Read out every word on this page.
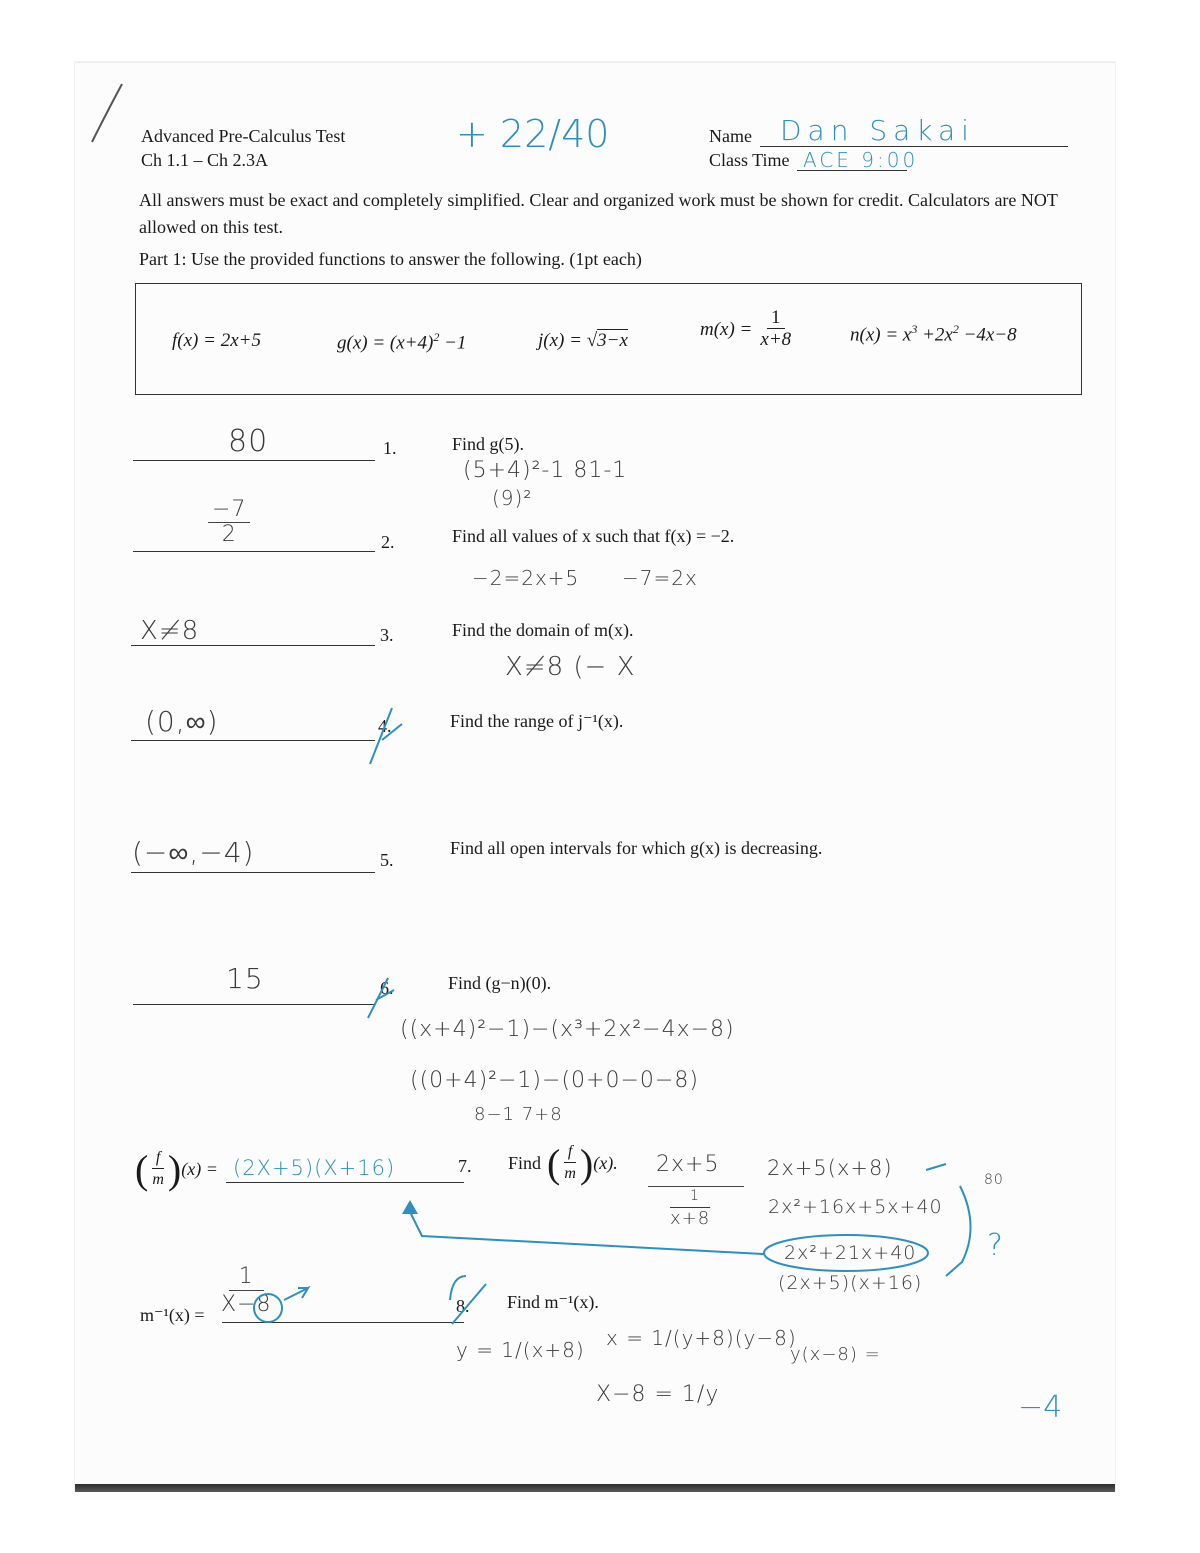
Advanced Pre-Calculus Test
Ch 1.1 – Ch 2.3A
+ 22/40	Name Dan Sakai
Class Time ACE 9:00
All answers must be exact and completely simplified. Clear and organized work must be shown for credit. Calculators are NOT allowed on this test.
Part 1: Use the provided functions to answer the following. (1pt each)
f(x) = 2x+5	$g(x) = (x+4)^2 -1$	j(x) = √3−x
$m(x) = \frac{1}{x+8}$	$n(x) = x^3 +2x^2 -4x-8$
80	1.	Find g(5).
(5+4)²-1 81-1
(9)²
−7
2	2.	Find all values of x such that f(x) = −2.
−2=2x+5 −7=2x
X≠8	3.	Find the domain of m(x).
X≠8 (− X
(0,∞)	4.	Find the range of j⁻¹(x).
(−∞,−4)	5.
Find all open intervals for which g(x) is decreasing.
15	6.	Find (g−n)(0).
((x+4)²−1)−(x³+2x²−4x−8)
((0+4)²−1)−(0+0−0−8)
8−1 7+8
( $\frac{f}{m}$ ) (x) = (2X+5)(X+16)	7. Find ( $\frac{f}{m}$ ) (x). 2x+5
1
x+8
2x+5(x+8)
2x²+16x+5x+40
2x²+21x+40
(2x+5)(x+16)
m⁻¹(x) =
1
X−8	8. Find m⁻¹(x).
y = 1/(x+8) x = 1/(y+8)(y−8)
X−8 = 1/y
y(x−8) =
80
?
−4
